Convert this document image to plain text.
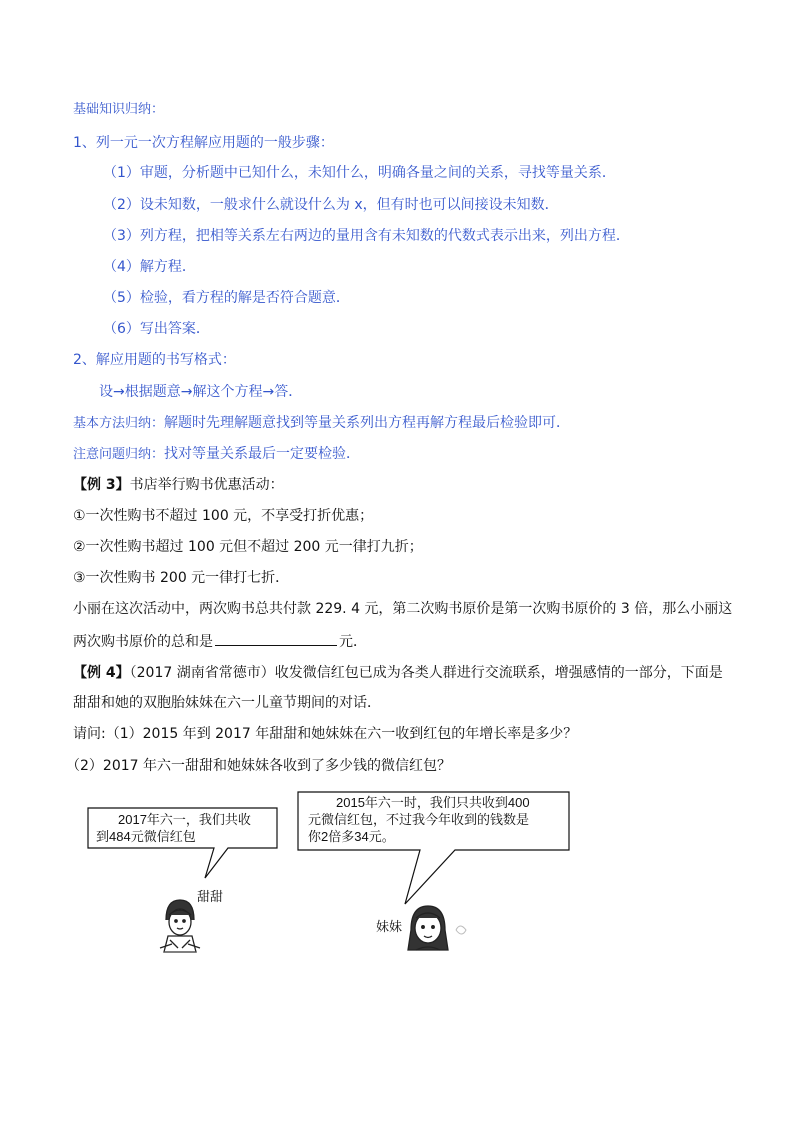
基础知识归纳：
1、列一元一次方程解应用题的一般步骤：
（1）审题，分析题中已知什么，未知什么，明确各量之间的关系，寻找等量关系．
（2）设未知数，一般求什么就设什么为 x，但有时也可以间接设未知数．
（3）列方程，把相等关系左右两边的量用含有未知数的代数式表示出来，列出方程．
（4）解方程．
（5）检验，看方程的解是否符合题意．
（6）写出答案．
2、解应用题的书写格式：
设→根据题意→解这个方程→答．
基本方法归纳：解题时先理解题意找到等量关系列出方程再解方程最后检验即可．
注意问题归纳：找对等量关系最后一定要检验．
【例 3】书店举行购书优惠活动：
①一次性购书不超过 100 元，不享受打折优惠；
②一次性购书超过 100 元但不超过 200 元一律打九折；
③一次性购书 200 元一律打七折．
小丽在这次活动中，两次购书总共付款 229. 4 元，第二次购书原价是第一次购书原价的 3 倍，那么小丽这
两次购书原价的总和是	元．
【例 4】（2017 湖南省常德市）收发微信红包已成为各类人群进行交流联系，增强感情的一部分，下面是
甜甜和她的双胞胎妹妹在六一儿童节期间的对话．
请问:（1）2015 年到 2017 年甜甜和她妹妹在六一收到红包的年增长率是多少？
（2）2017 年六一甜甜和她妹妹各收到了多少钱的微信红包？
2017年六一，我们共收
到484元微信红包
2015年六一时，我们只共收到400
元微信红包，不过我今年收到的钱数是
你2倍多34元。
甜甜
妹妹
